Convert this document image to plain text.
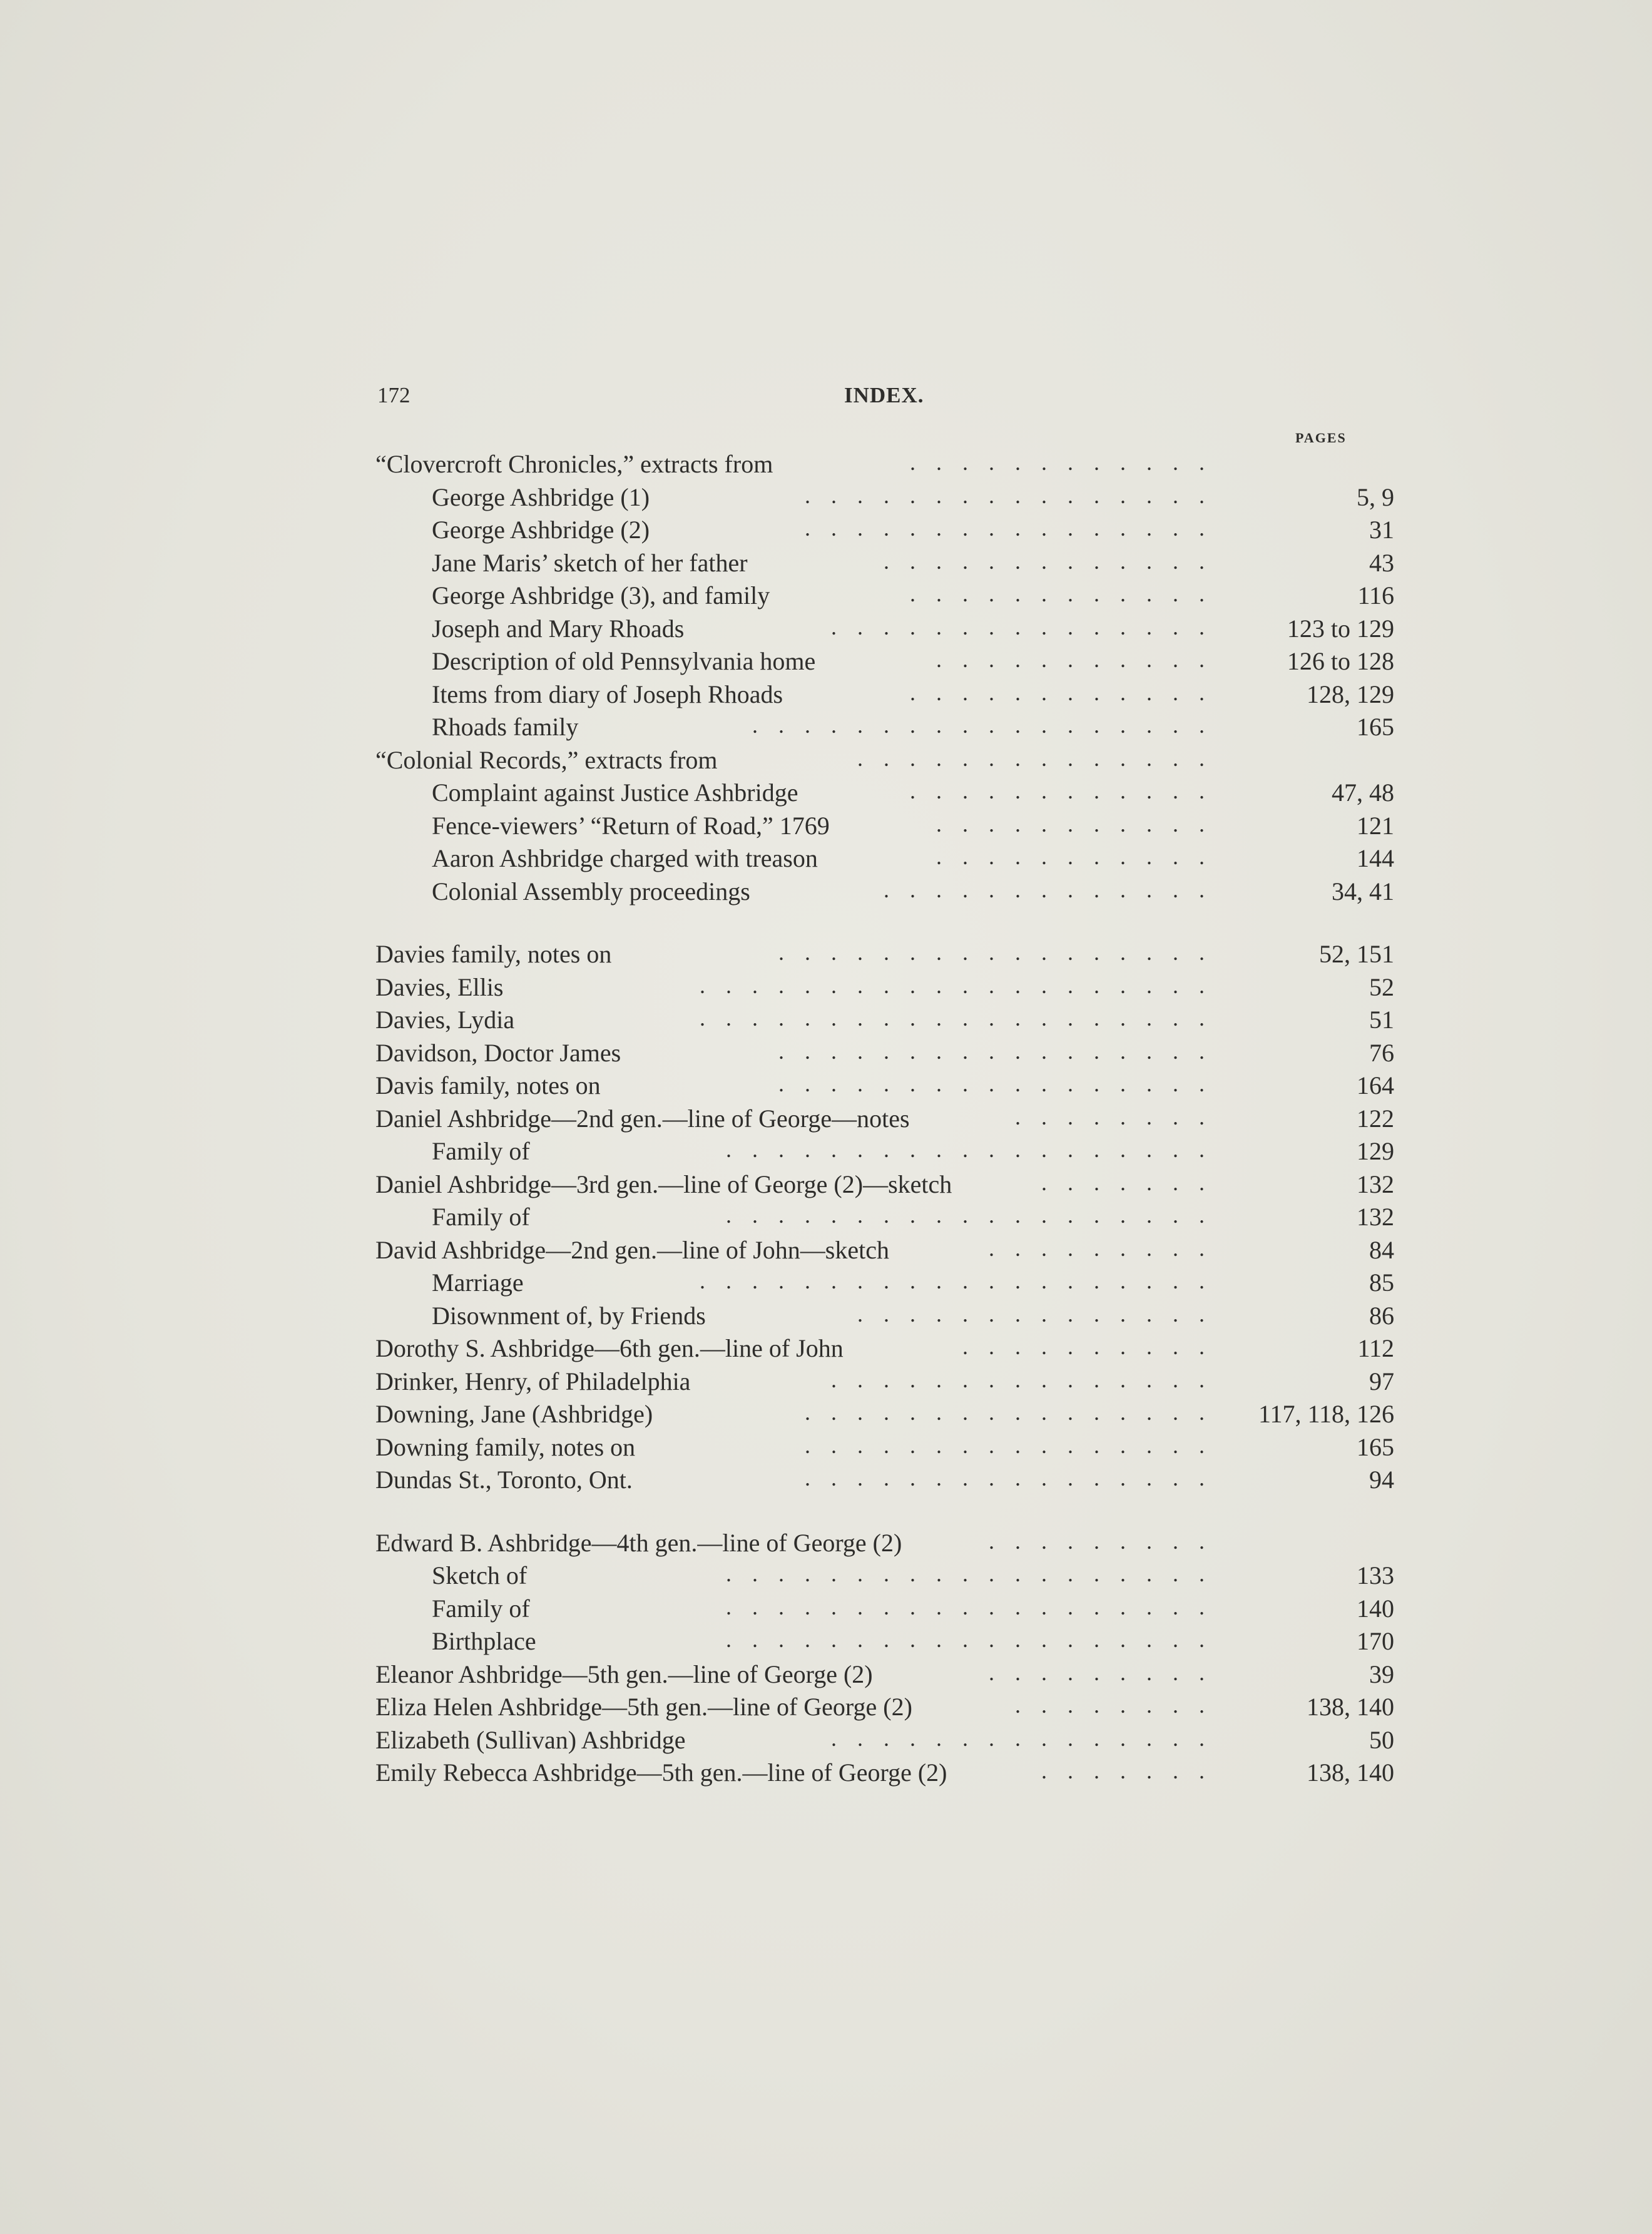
172	INDEX.
PAGES
“Clovercroft Chronicles,” extracts from	............
George Ashbridge (1)	................	5, 9
George Ashbridge (2)	................	31
Jane Maris’ sketch of her father	.............	43
George Ashbridge (3), and family	............	116
Joseph and Mary Rhoads	............... 123 to 129
Description of old Pennsylvania home	........... 126 to 128
Items from diary of Joseph Rhoads	............	128, 129
Rhoads family	..................	165
“Colonial Records,” extracts from	..............
Complaint against Justice Ashbridge	............	47, 48
Fence-viewers’ “Return of Road,” 1769	...........	121
Aaron Ashbridge charged with treason	...........	144
Colonial Assembly proceedings	.............	34, 41
Davies family, notes on	.................	52, 151
Davies, Ellis	....................	52
Davies, Lydia	....................	51
Davidson, Doctor James	.................	76
Davis family, notes on	.................	164
Daniel Ashbridge—2nd gen.—line of George—notes	........	122
Family of	...................	129
Daniel Ashbridge—3rd gen.—line of George (2)—sketch	.......	132
Family of	...................	132
David Ashbridge—2nd gen.—line of John—sketch	.........	84
Marriage	....................	85
Disownment of, by Friends	..............	86
Dorothy S. Ashbridge—6th gen.—line of John	..........	112
Drinker, Henry, of Philadelphia	...............	97
Downing, Jane (Ashbridge)	................ 117, 118, 126
Downing family, notes on	................	165
Dundas St., Toronto, Ont.	................	94
Edward B. Ashbridge—4th gen.—line of George (2)	.........
Sketch of	...................	133
Family of	...................	140
Birthplace	...................	170
Eleanor Ashbridge—5th gen.—line of George (2)	.........	39
Eliza Helen Ashbridge—5th gen.—line of George (2)	........	138, 140
Elizabeth (Sullivan) Ashbridge	...............	50
Emily Rebecca Ashbridge—5th gen.—line of George (2)	.......	138, 140
